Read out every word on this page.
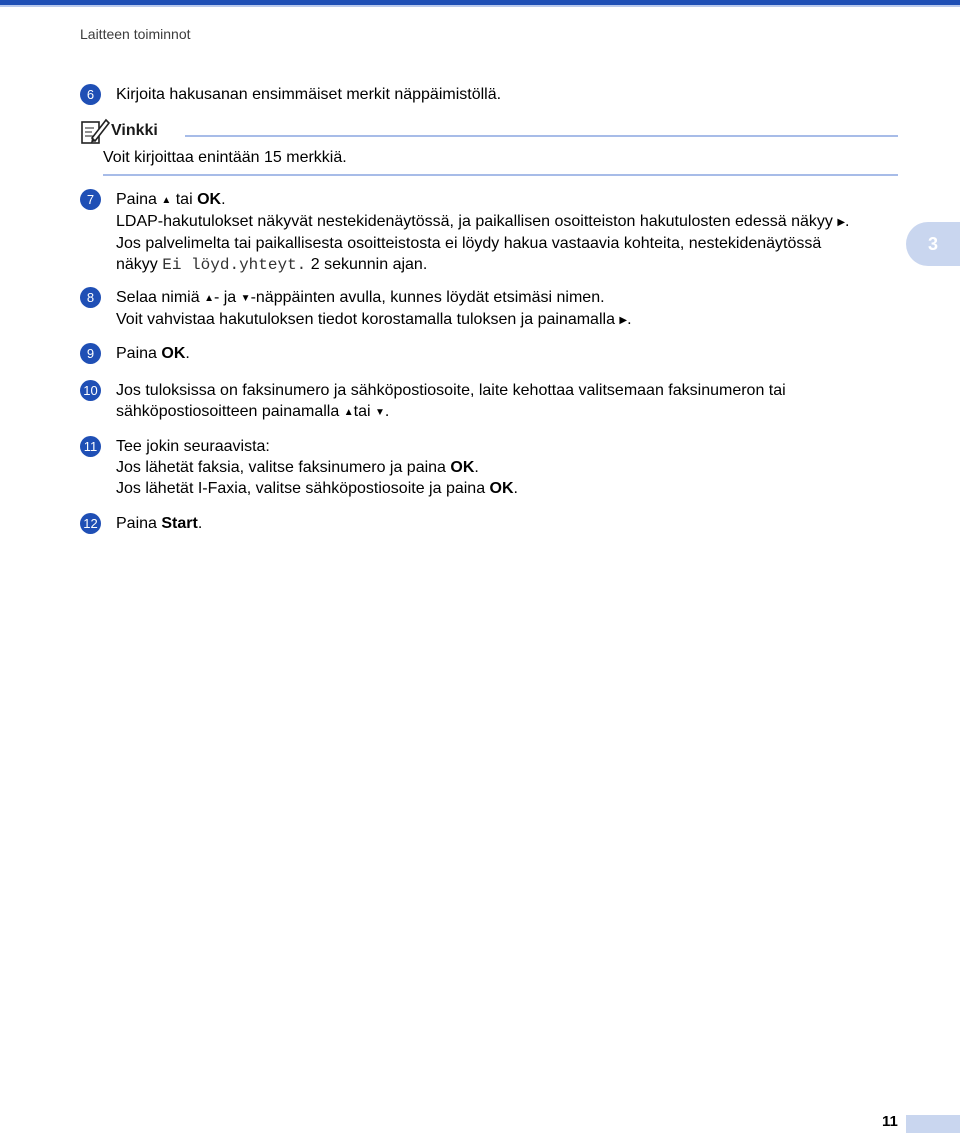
Laitteen toiminnot
6	Kirjoita hakusanan ensimmäiset merkit näppäimistöllä.
Vinkki
Voit kirjoittaa enintään 15 merkkiä.
7	Paina ▲ tai OK.
LDAP-hakutulokset näkyvät nestekidenäytössä, ja paikallisen osoitteiston hakutulosten edessä näkyy ▶.
Jos palvelimelta tai paikallisesta osoitteistosta ei löydy hakua vastaavia kohteita, nestekidenäytössä
näkyy Ei löyd.yhteyt. 2 sekunnin ajan.
8	Selaa nimiä ▲- ja ▼-näppäinten avulla, kunnes löydät etsimäsi nimen.
Voit vahvistaa hakutuloksen tiedot korostamalla tuloksen ja painamalla ▶.
9	Paina OK.
10 Jos tuloksissa on faksinumero ja sähköpostiosoite, laite kehottaa valitsemaan faksinumeron tai
sähköpostiosoitteen painamalla ▲tai ▼.
11 Tee jokin seuraavista:
Jos lähetät faksia, valitse faksinumero ja paina OK.
Jos lähetät I-Faxia, valitse sähköpostiosoite ja paina OK.
12 Paina Start.
3
11
